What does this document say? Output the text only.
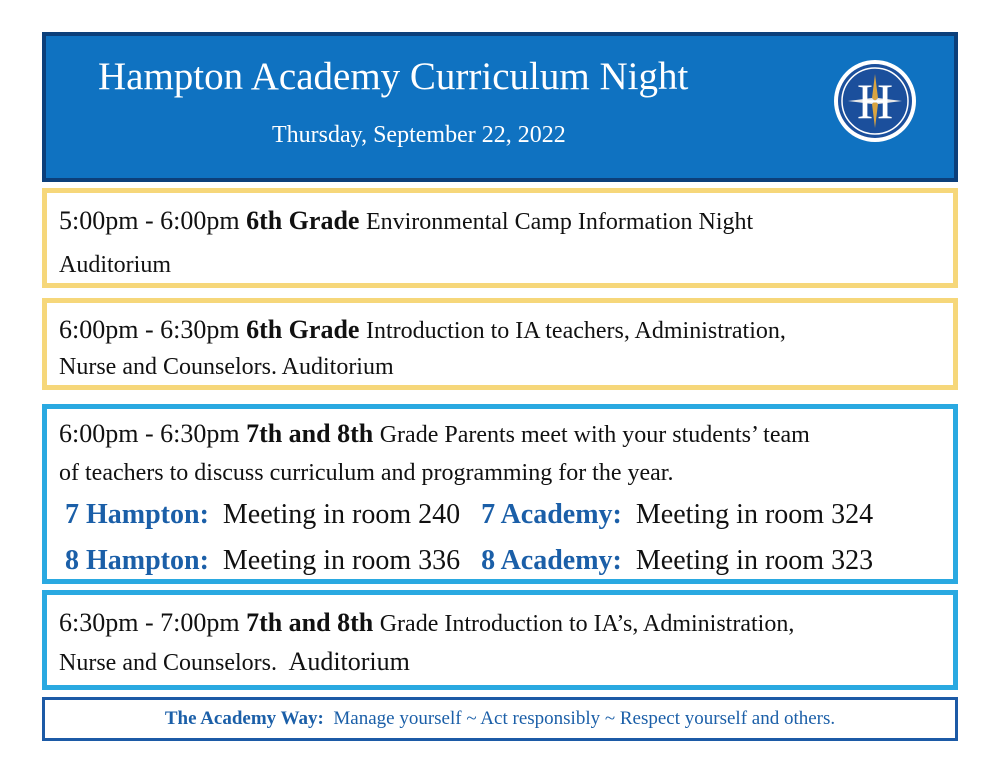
Hampton Academy Curriculum Night
Thursday, September 22, 2022
H
5:00pm - 6:00pm 6th Grade Environmental Camp Information Night
Auditorium
6:00pm - 6:30pm 6th Grade Introduction to IA teachers, Administration,
Nurse and Counselors. Auditorium
6:00pm - 6:30pm 7th and 8th Grade Parents meet with your students’ team
of teachers to discuss curriculum and programming for the year.
7 Hampton: Meeting in room 240 7 Academy: Meeting in room 324
8 Hampton: Meeting in room 336 8 Academy: Meeting in room 323
6:30pm - 7:00pm 7th and 8th Grade Introduction to IA’s, Administration,
Nurse and Counselors. Auditorium
The Academy Way: Manage yourself ~ Act responsibly ~ Respect yourself and others.
